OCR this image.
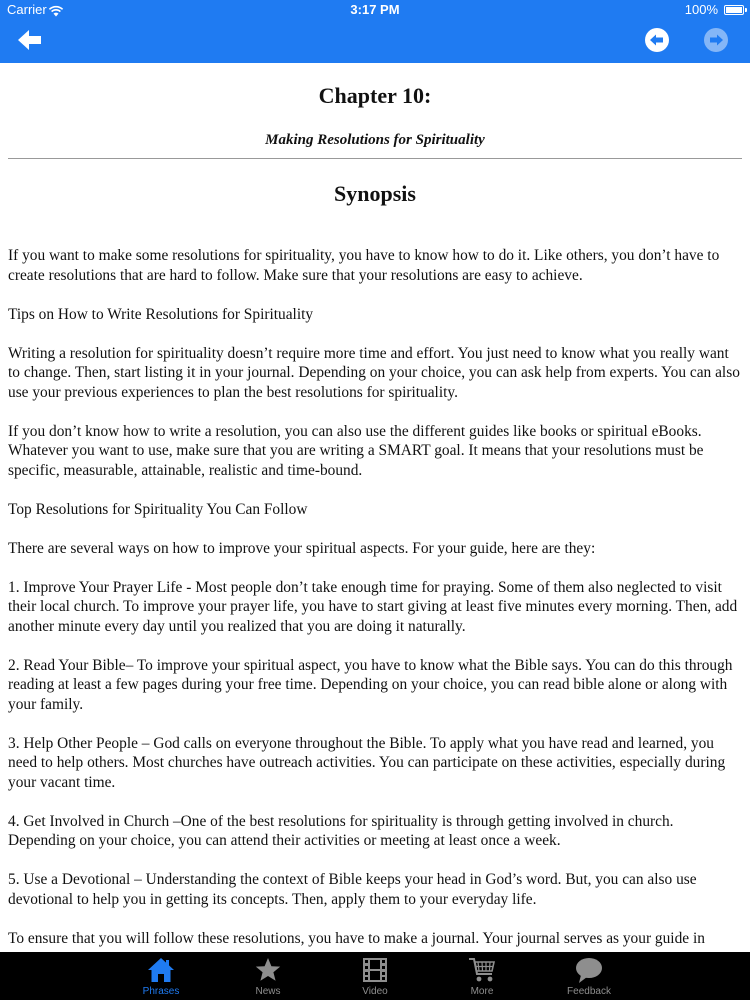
Carrier	3:17 PM	100%
Chapter 10:
Making Resolutions for Spirituality
Synopsis

If you want to make some resolutions for spirituality, you have to know how to do it. Like others, you don’t have to create resolutions that are hard to follow. Make sure that your resolutions are easy to achieve.

Tips on How to Write Resolutions for Spirituality

Writing a resolution for spirituality doesn’t require more time and effort. You just need to know what you really want to change. Then, start listing it in your journal. Depending on your choice, you can ask help from experts. You can also use your previous experiences to plan the best resolutions for spirituality.

If you don’t know how to write a resolution, you can also use the different guides like books or spiritual eBooks. Whatever you want to use, make sure that you are writing a SMART goal. It means that your resolutions must be specific, measurable, attainable, realistic and time-bound.

Top Resolutions for Spirituality You Can Follow

There are several ways on how to improve your spiritual aspects. For your guide, here are they:

1. Improve Your Prayer Life - Most people don’t take enough time for praying. Some of them also neglected to visit their local church. To improve your prayer life, you have to start giving at least five minutes every morning. Then, add another minute every day until you realized that you are doing it naturally.

2. Read Your Bible– To improve your spiritual aspect, you have to know what the Bible says. You can do this through reading at least a few pages during your free time. Depending on your choice, you can read bible alone or along with your family.

3. Help Other People – God calls on everyone throughout the Bible. To apply what you have read and learned, you need to help others. Most churches have outreach activities. You can participate on these activities, especially during your vacant time.

4. Get Involved in Church –One of the best resolutions for spirituality is through getting involved in church. Depending on your choice, you can attend their activities or meeting at least once a week.

5. Use a Devotional – Understanding the context of Bible keeps your head in God’s word. But, you can also use devotional to help you in getting its concepts. Then, apply them to your everyday life.

To ensure that you will follow these resolutions, you have to make a journal. Your journal serves as your guide in

Phrases	News	Video	More	Feedback
